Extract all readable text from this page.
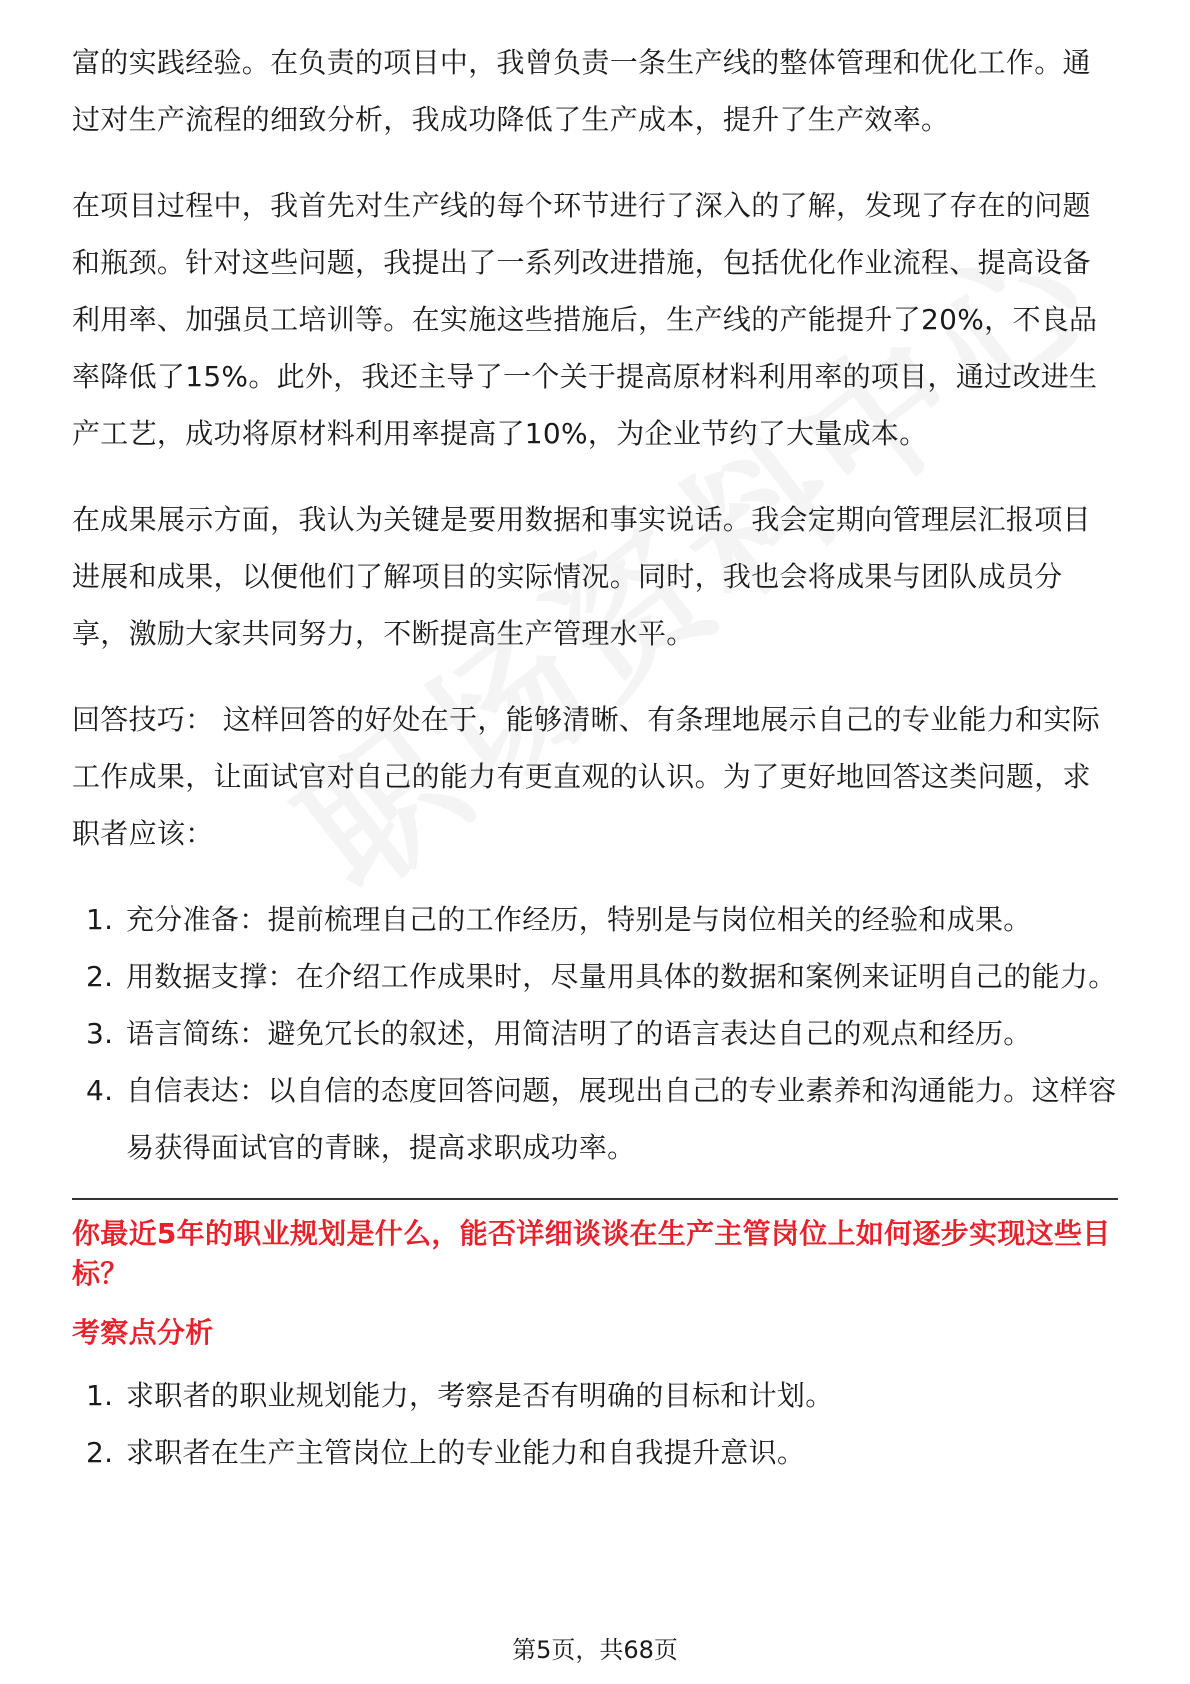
富的实践经验。在负责的项目中，我曾负责一条生产线的整体管理和优化工作。通过对生产流程的细致分析，我成功降低了生产成本，提升了生产效率。

在项目过程中，我首先对生产线的每个环节进行了深入的了解，发现了存在的问题和瓶颈。针对这些问题，我提出了一系列改进措施，包括优化作业流程、提高设备利用率、加强员工培训等。在实施这些措施后，生产线的产能提升了20%，不良品率降低了15%。此外，我还主导了一个关于提高原材料利用率的项目，通过改进生产工艺，成功将原材料利用率提高了10%，为企业节约了大量成本。

在成果展示方面，我认为关键是要用数据和事实说话。我会定期向管理层汇报项目进展和成果，以便他们了解项目的实际情况。同时，我也会将成果与团队成员分享，激励大家共同努力，不断提高生产管理水平。

回答技巧： 这样回答的好处在于，能够清晰、有条理地展示自己的专业能力和实际工作成果，让面试官对自己的能力有更直观的认识。为了更好地回答这类问题，求职者应该：

1. 充分准备：提前梳理自己的工作经历，特别是与岗位相关的经验和成果。
2. 用数据支撑：在介绍工作成果时，尽量用具体的数据和案例来证明自己的能力。
3. 语言简练：避免冗长的叙述，用简洁明了的语言表达自己的观点和经历。
4. 自信表达：以自信的态度回答问题，展现出自己的专业素养和沟通能力。这样容易获得面试官的青睐，提高求职成功率。
你最近5年的职业规划是什么，能否详细谈谈在生产主管岗位上如何逐步实现这些目标？
考察点分析
1. 求职者的职业规划能力，考察是否有明确的目标和计划。
2. 求职者在生产主管岗位上的专业能力和自我提升意识。
第5页，共68页
